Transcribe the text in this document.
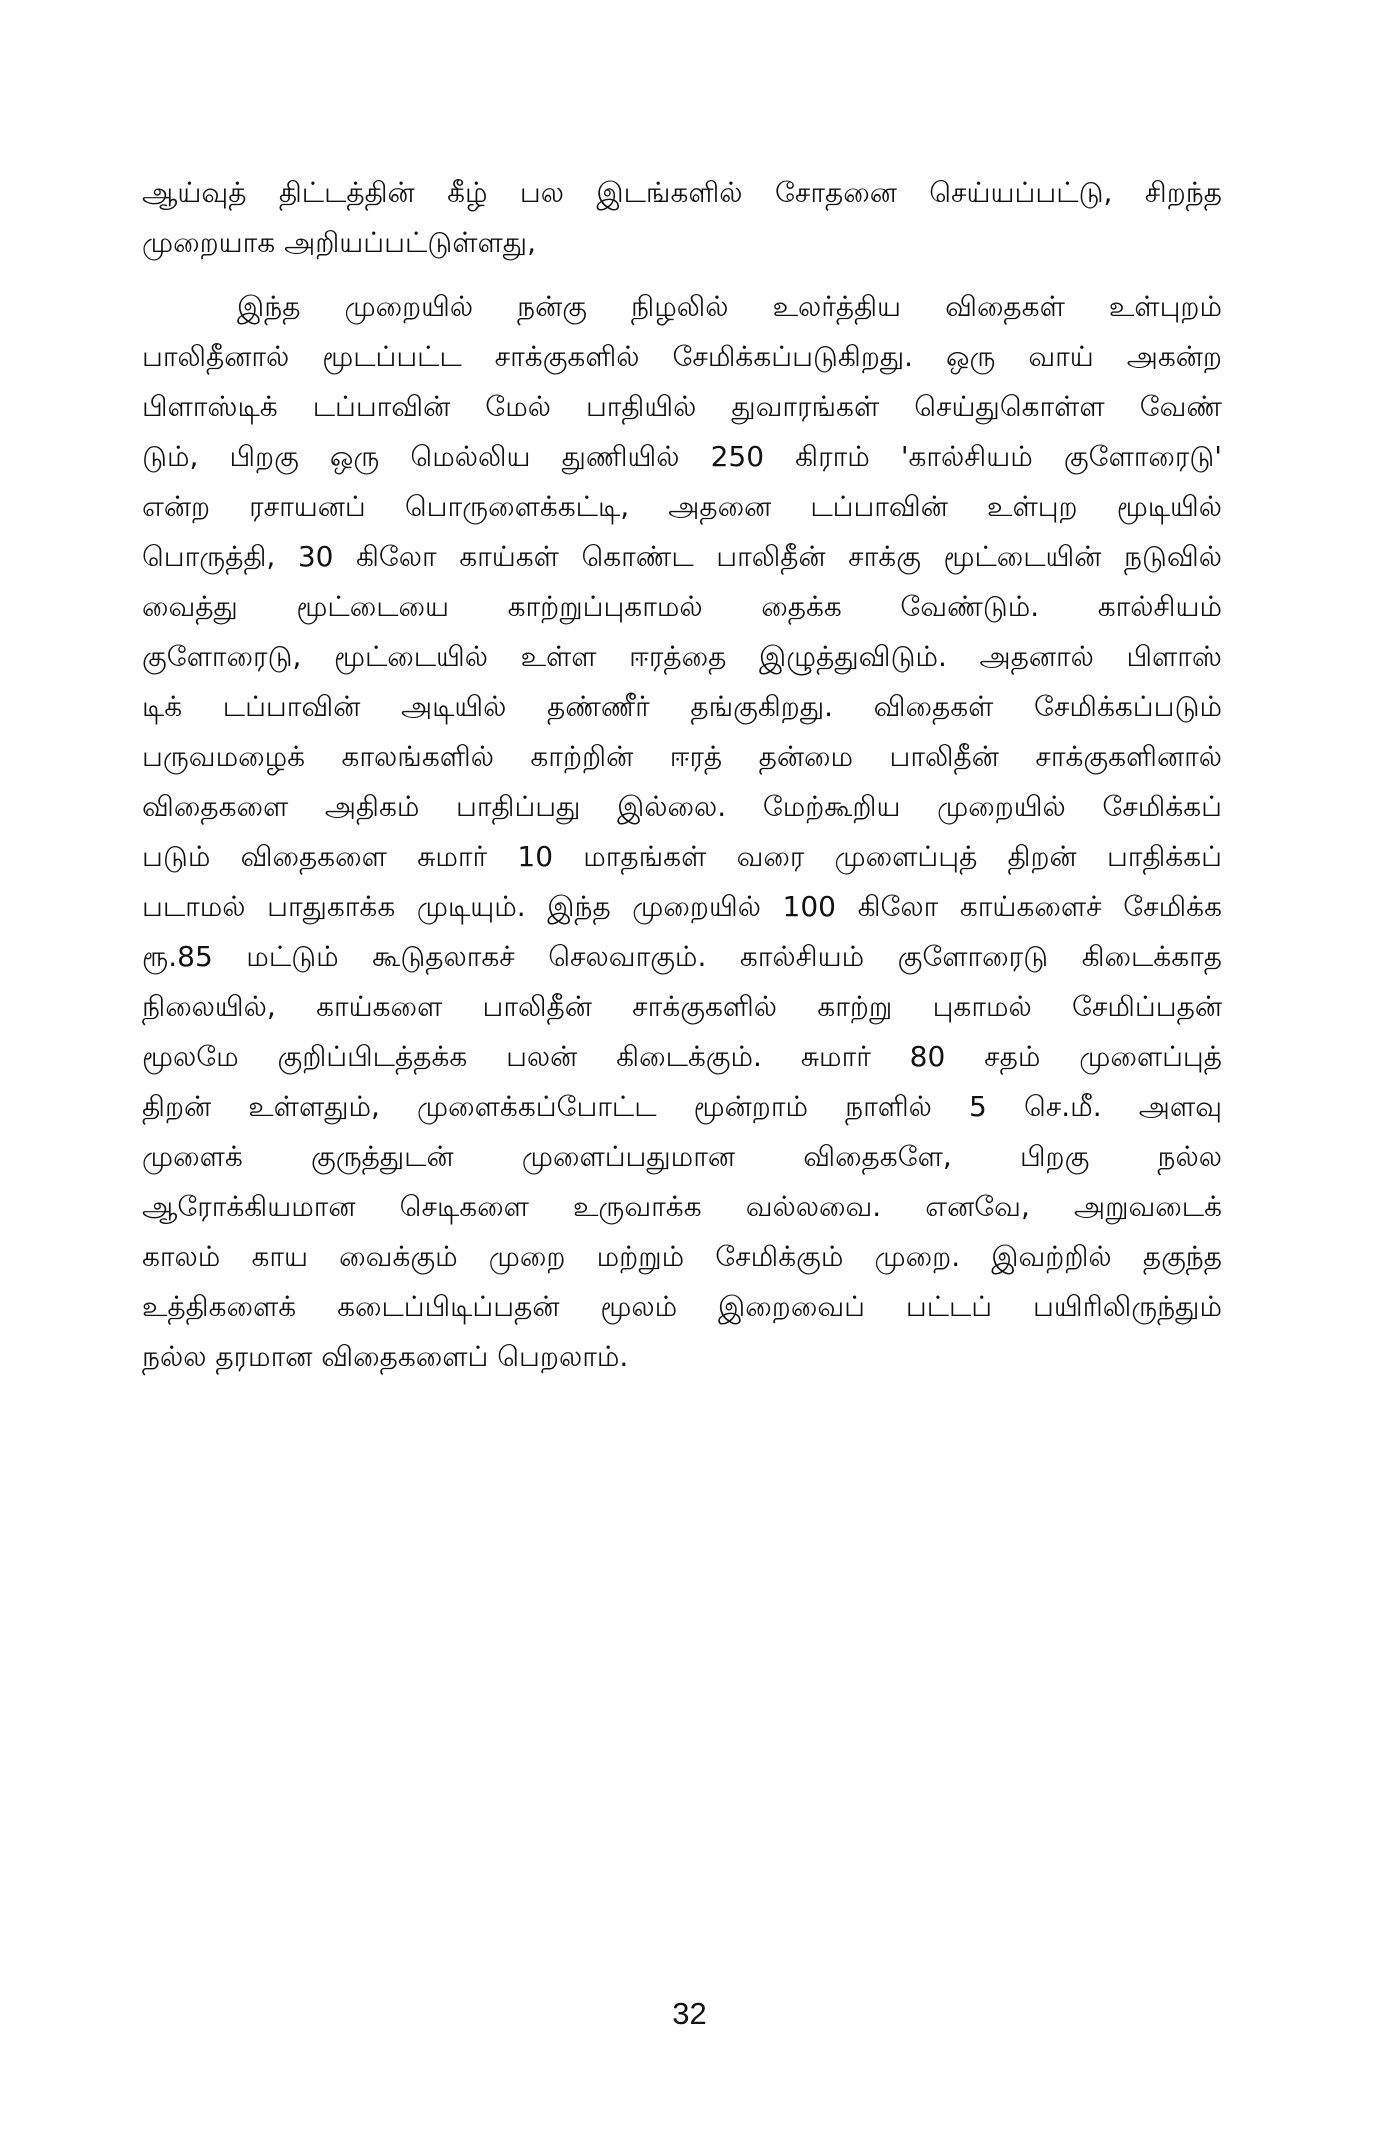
ஆய்வுத் திட்டத்தின் கீழ் பல இடங்களில் சோதனை செய்யப்பட்டு, சிறந்த
முறையாக அறியப்பட்டுள்ளது,
இந்த முறையில் நன்கு நிழலில் உலர்த்திய விதைகள் உள்புறம்
பாலிதீனால் மூடப்பட்ட சாக்குகளில் சேமிக்கப்படுகிறது. ஒரு வாய் அகன்ற
பிளாஸ்டிக் டப்பாவின் மேல் பாதியில் துவாரங்கள் செய்துகொள்ள வேண்
டும், பிறகு ஒரு மெல்லிய துணியில் 250 கிராம் 'கால்சியம் குளோரைடு'
என்ற ரசாயனப் பொருளைக்கட்டி, அதனை டப்பாவின் உள்புற மூடியில்
பொருத்தி, 30 கிலோ காய்கள் கொண்ட பாலிதீன் சாக்கு மூட்டையின் நடுவில்
வைத்து மூட்டையை காற்றுப்புகாமல் தைக்க வேண்டும். கால்சியம்
குளோரைடு, மூட்டையில் உள்ள ஈரத்தை இழுத்துவிடும். அதனால் பிளாஸ்
டிக் டப்பாவின் அடியில் தண்ணீர் தங்குகிறது. விதைகள் சேமிக்கப்படும்
பருவமழைக் காலங்களில் காற்றின் ஈரத் தன்மை பாலிதீன் சாக்குகளினால்
விதைகளை அதிகம் பாதிப்பது இல்லை. மேற்கூறிய முறையில் சேமிக்கப்
படும் விதைகளை சுமார் 10 மாதங்கள் வரை முளைப்புத் திறன் பாதிக்கப்
படாமல் பாதுகாக்க முடியும். இந்த முறையில் 100 கிலோ காய்களைச் சேமிக்க
ரூ.85 மட்டும் கூடுதலாகச் செலவாகும். கால்சியம் குளோரைடு கிடைக்காத
நிலையில், காய்களை பாலிதீன் சாக்குகளில் காற்று புகாமல் சேமிப்பதன்
மூலமே குறிப்பிடத்தக்க பலன் கிடைக்கும். சுமார் 80 சதம் முளைப்புத்
திறன் உள்ளதும், முளைக்கப்போட்ட மூன்றாம் நாளில் 5 செ.மீ. அளவு
முளைக் குருத்துடன் முளைப்பதுமான விதைகளே, பிறகு நல்ல
ஆரோக்கியமான செடிகளை உருவாக்க வல்லவை. எனவே, அறுவடைக்
காலம் காய வைக்கும் முறை மற்றும் சேமிக்கும் முறை. இவற்றில் தகுந்த
உத்திகளைக் கடைப்பிடிப்பதன் மூலம் இறைவைப் பட்டப் பயிரிலிருந்தும்
நல்ல தரமான விதைகளைப் பெறலாம்.
32
